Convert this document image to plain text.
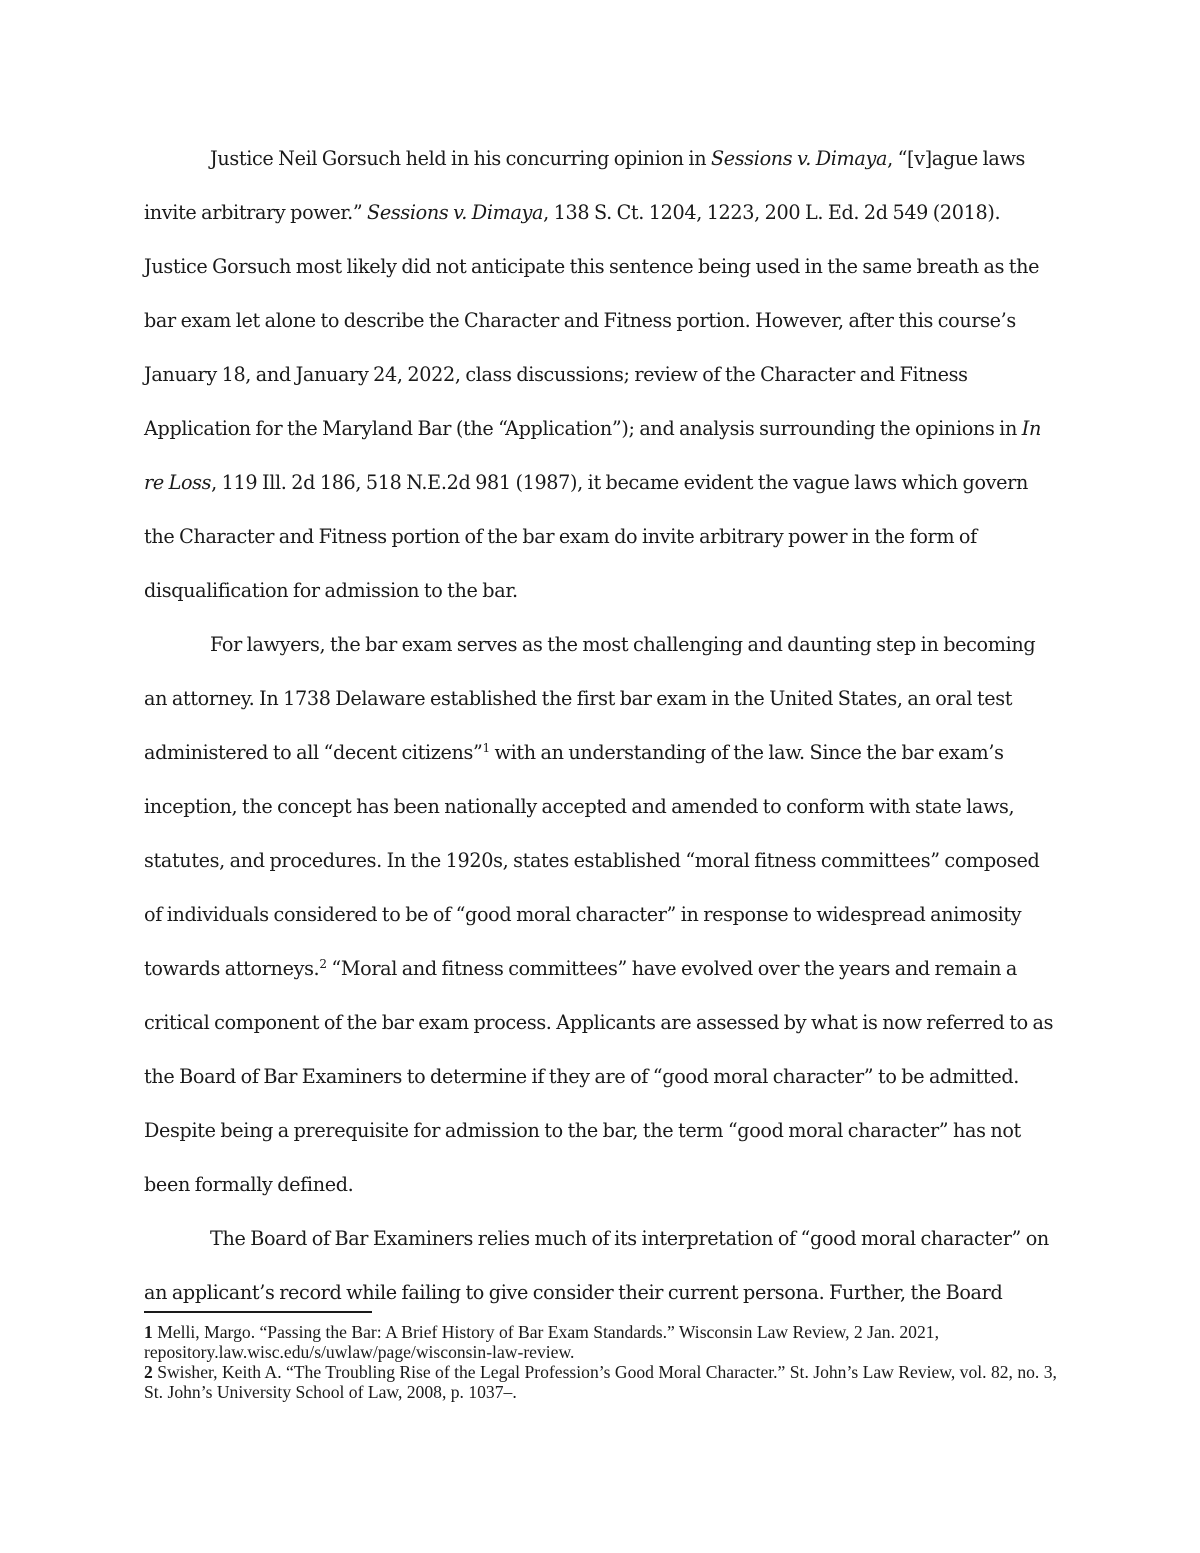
Justice Neil Gorsuch held in his concurring opinion in Sessions v. Dimaya, “[v]ague laws invite arbitrary power.” Sessions v. Dimaya, 138 S. Ct. 1204, 1223, 200 L. Ed. 2d 549 (2018). Justice Gorsuch most likely did not anticipate this sentence being used in the same breath as the bar exam let alone to describe the Character and Fitness portion. However, after this course’s January 18, and January 24, 2022, class discussions; review of the Character and Fitness Application for the Maryland Bar (the “Application”); and analysis surrounding the opinions in In re Loss, 119 Ill. 2d 186, 518 N.E.2d 981 (1987), it became evident the vague laws which govern the Character and Fitness portion of the bar exam do invite arbitrary power in the form of disqualification for admission to the bar.

For lawyers, the bar exam serves as the most challenging and daunting step in becoming an attorney. In 1738 Delaware established the first bar exam in the United States, an oral test administered to all “decent citizens”$^1$ with an understanding of the law. Since the bar exam’s inception, the concept has been nationally accepted and amended to conform with state laws, statutes, and procedures. In the 1920s, states established “moral fitness committees” composed of individuals considered to be of “good moral character” in response to widespread animosity towards attorneys.$^2$ “Moral and fitness committees” have evolved over the years and remain a critical component of the bar exam process. Applicants are assessed by what is now referred to as the Board of Bar Examiners to determine if they are of “good moral character” to be admitted. Despite being a prerequisite for admission to the bar, the term “good moral character” has not been formally defined.

The Board of Bar Examiners relies much of its interpretation of “good moral character” on an applicant’s record while failing to give consider their current persona. Further, the Board

1 Melli, Margo. “Passing the Bar: A Brief History of Bar Exam Standards.” Wisconsin Law Review, 2 Jan. 2021, repository.law.wisc.edu/s/uwlaw/page/wisconsin-law-review.

2 Swisher, Keith A. “The Troubling Rise of the Legal Profession’s Good Moral Character.” St. John’s Law Review, vol. 82, no. 3, St. John’s University School of Law, 2008, p. 1037–.
